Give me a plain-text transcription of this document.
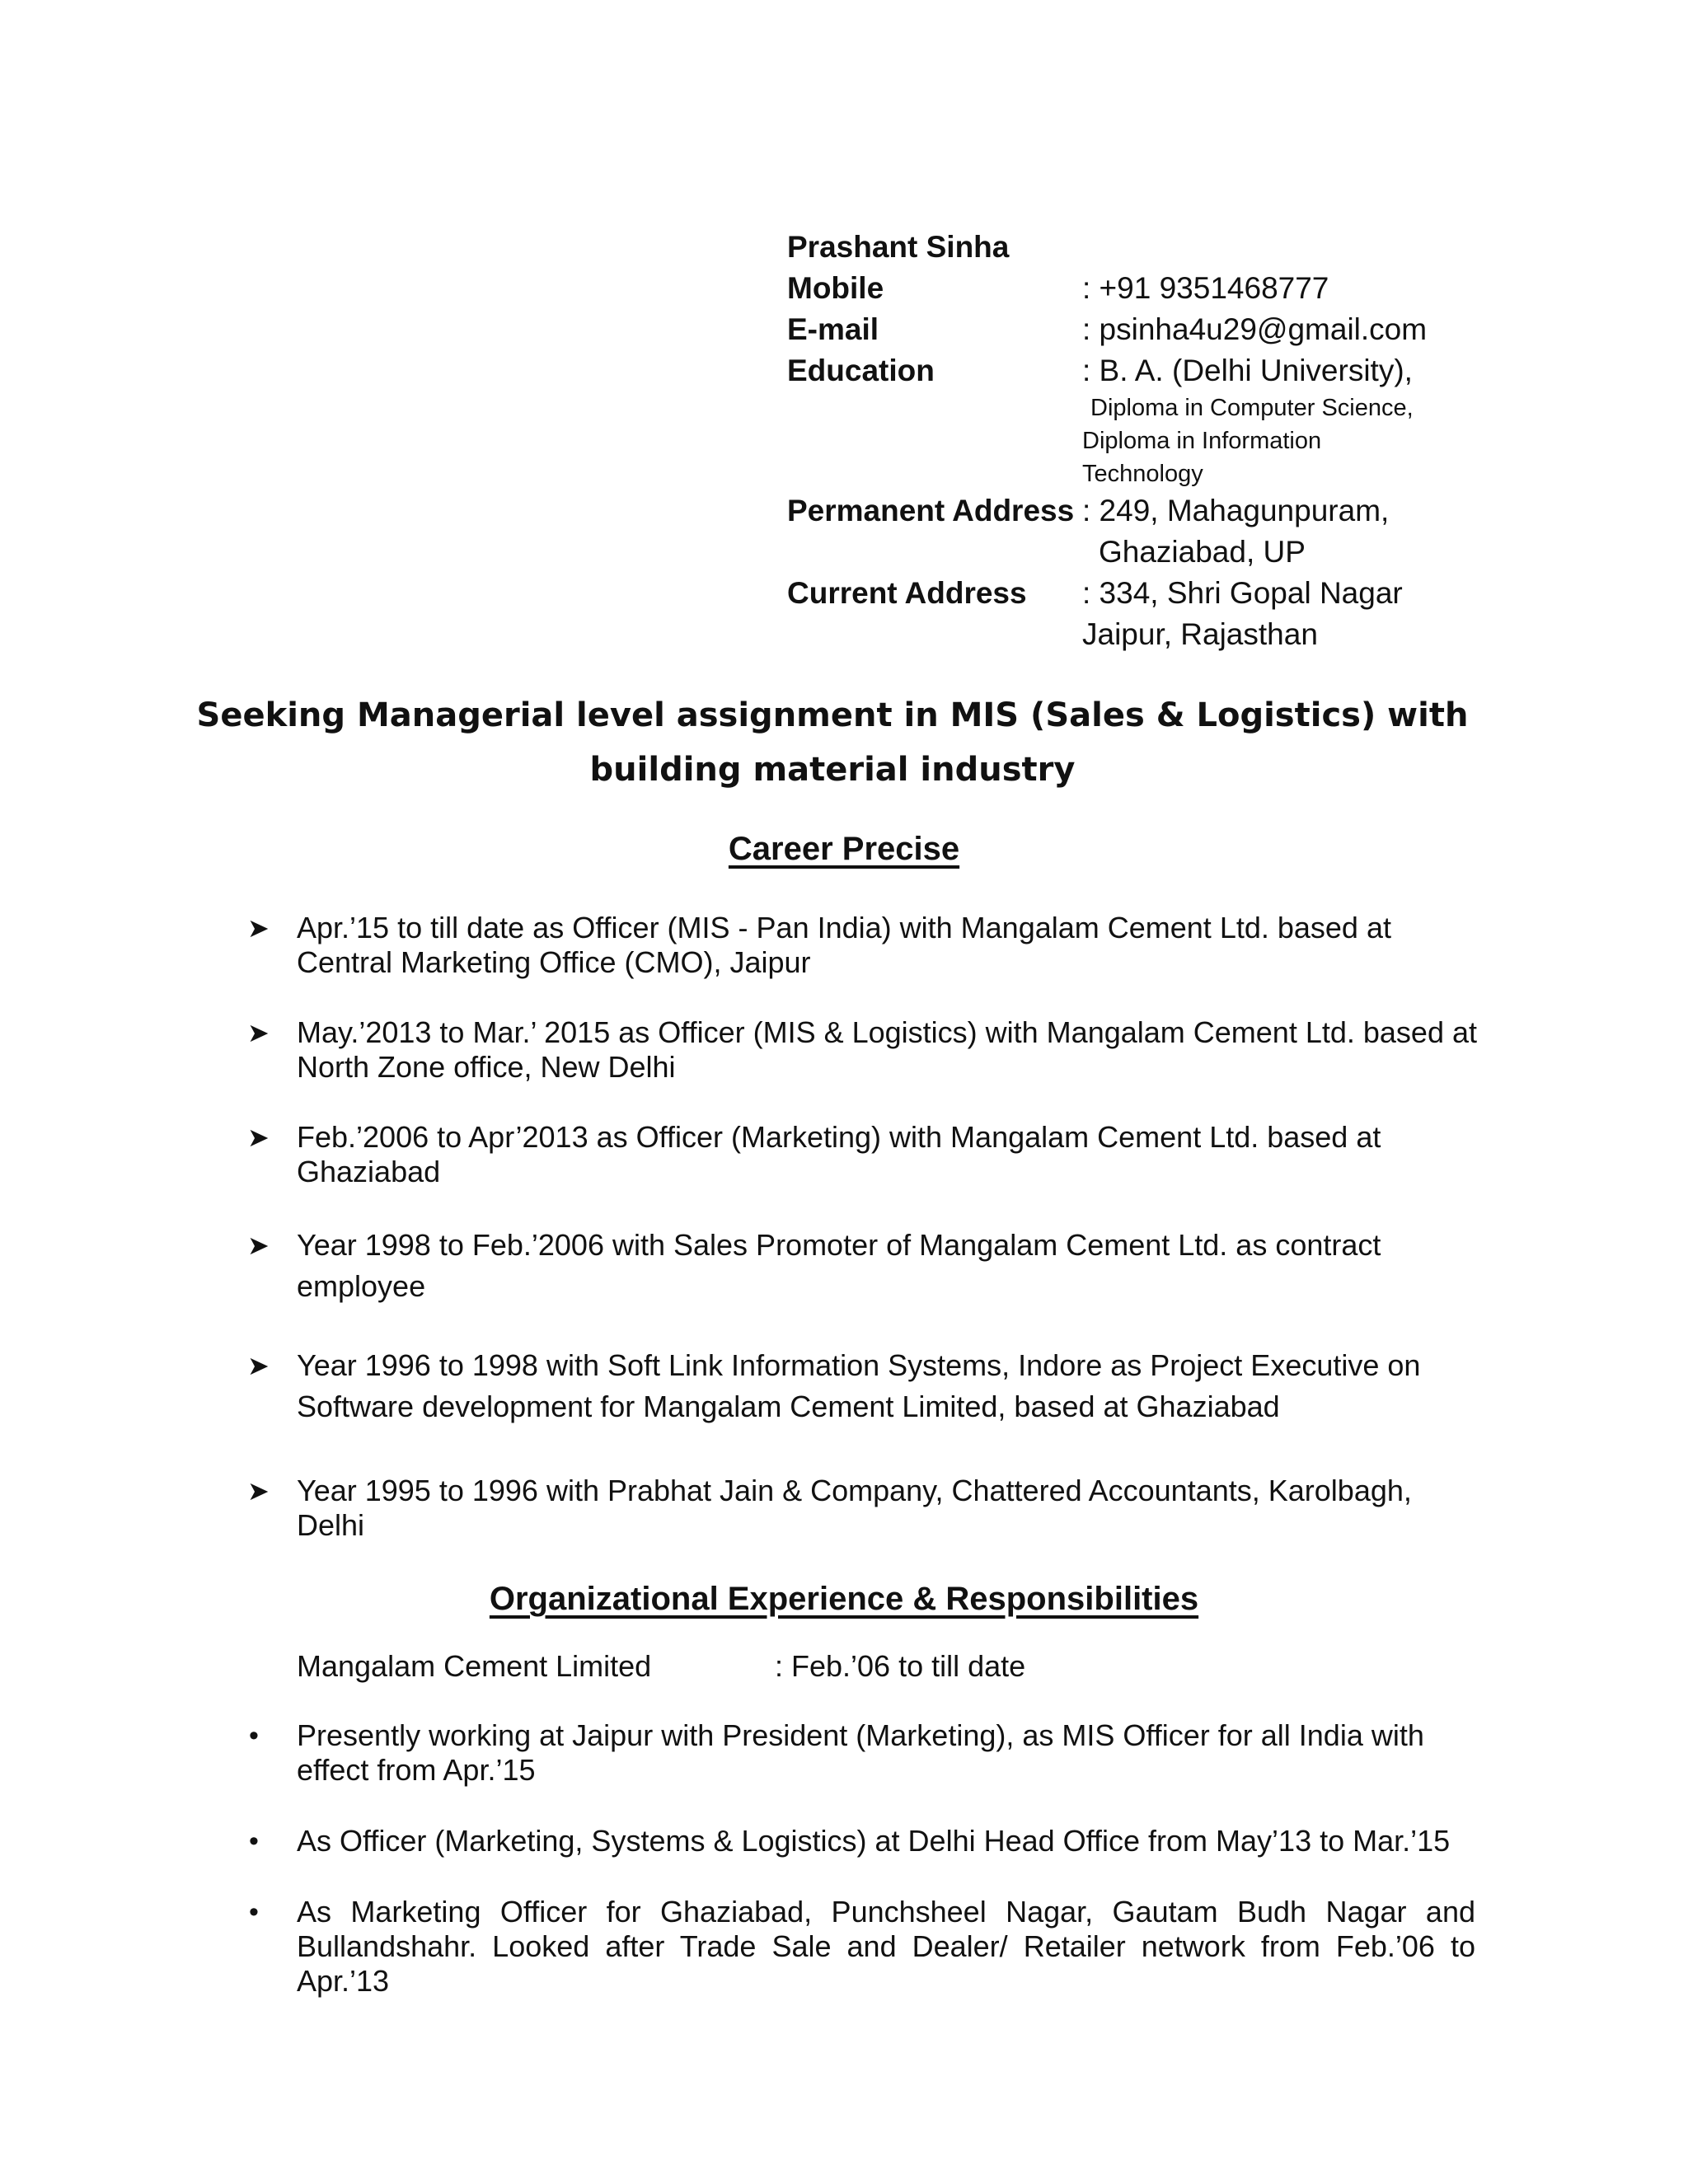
Prashant Sinha
Mobile	: +91 9351468777
E-mail	: psinha4u29@gmail.com
Education	: B. A. (Delhi University),
Diploma in Computer Science,
Diploma in Information
Technology
Permanent Address : 249, Mahagunpuram,
Ghaziabad, UP
Current Address	: 334, Shri Gopal Nagar
Jaipur, Rajasthan
Seeking Managerial level assignment in MIS (Sales & Logistics) with
building material industry
Career Precise
➤ Apr.’15 to till date as Officer (MIS - Pan India) with Mangalam Cement Ltd. based at Central Marketing Office (CMO), Jaipur
➤ May.’2013 to Mar.’ 2015 as Officer (MIS & Logistics) with Mangalam Cement Ltd. based at North Zone office, New Delhi
➤ Feb.’2006 to Apr’2013 as Officer (Marketing) with Mangalam Cement Ltd. based at Ghaziabad
➤ Year 1998 to Feb.’2006 with Sales Promoter of Mangalam Cement Ltd. as contract employee
➤ Year 1996 to 1998 with Soft Link Information Systems, Indore as Project Executive on Software development for Mangalam Cement Limited, based at Ghaziabad
➤ Year 1995 to 1996 with Prabhat Jain & Company, Chattered Accountants, Karolbagh, Delhi
Organizational Experience & Responsibilities
Mangalam Cement Limited	: Feb.’06 to till date
• Presently working at Jaipur with President (Marketing), as MIS Officer for all India with effect from Apr.’15
• As Officer (Marketing, Systems & Logistics) at Delhi Head Office from May’13 to Mar.’15
• As Marketing Officer for Ghaziabad, Punchsheel Nagar, Gautam Budh Nagar and Bullandshahr. Looked after Trade Sale and Dealer/ Retailer network from Feb.’06 to Apr.’13
